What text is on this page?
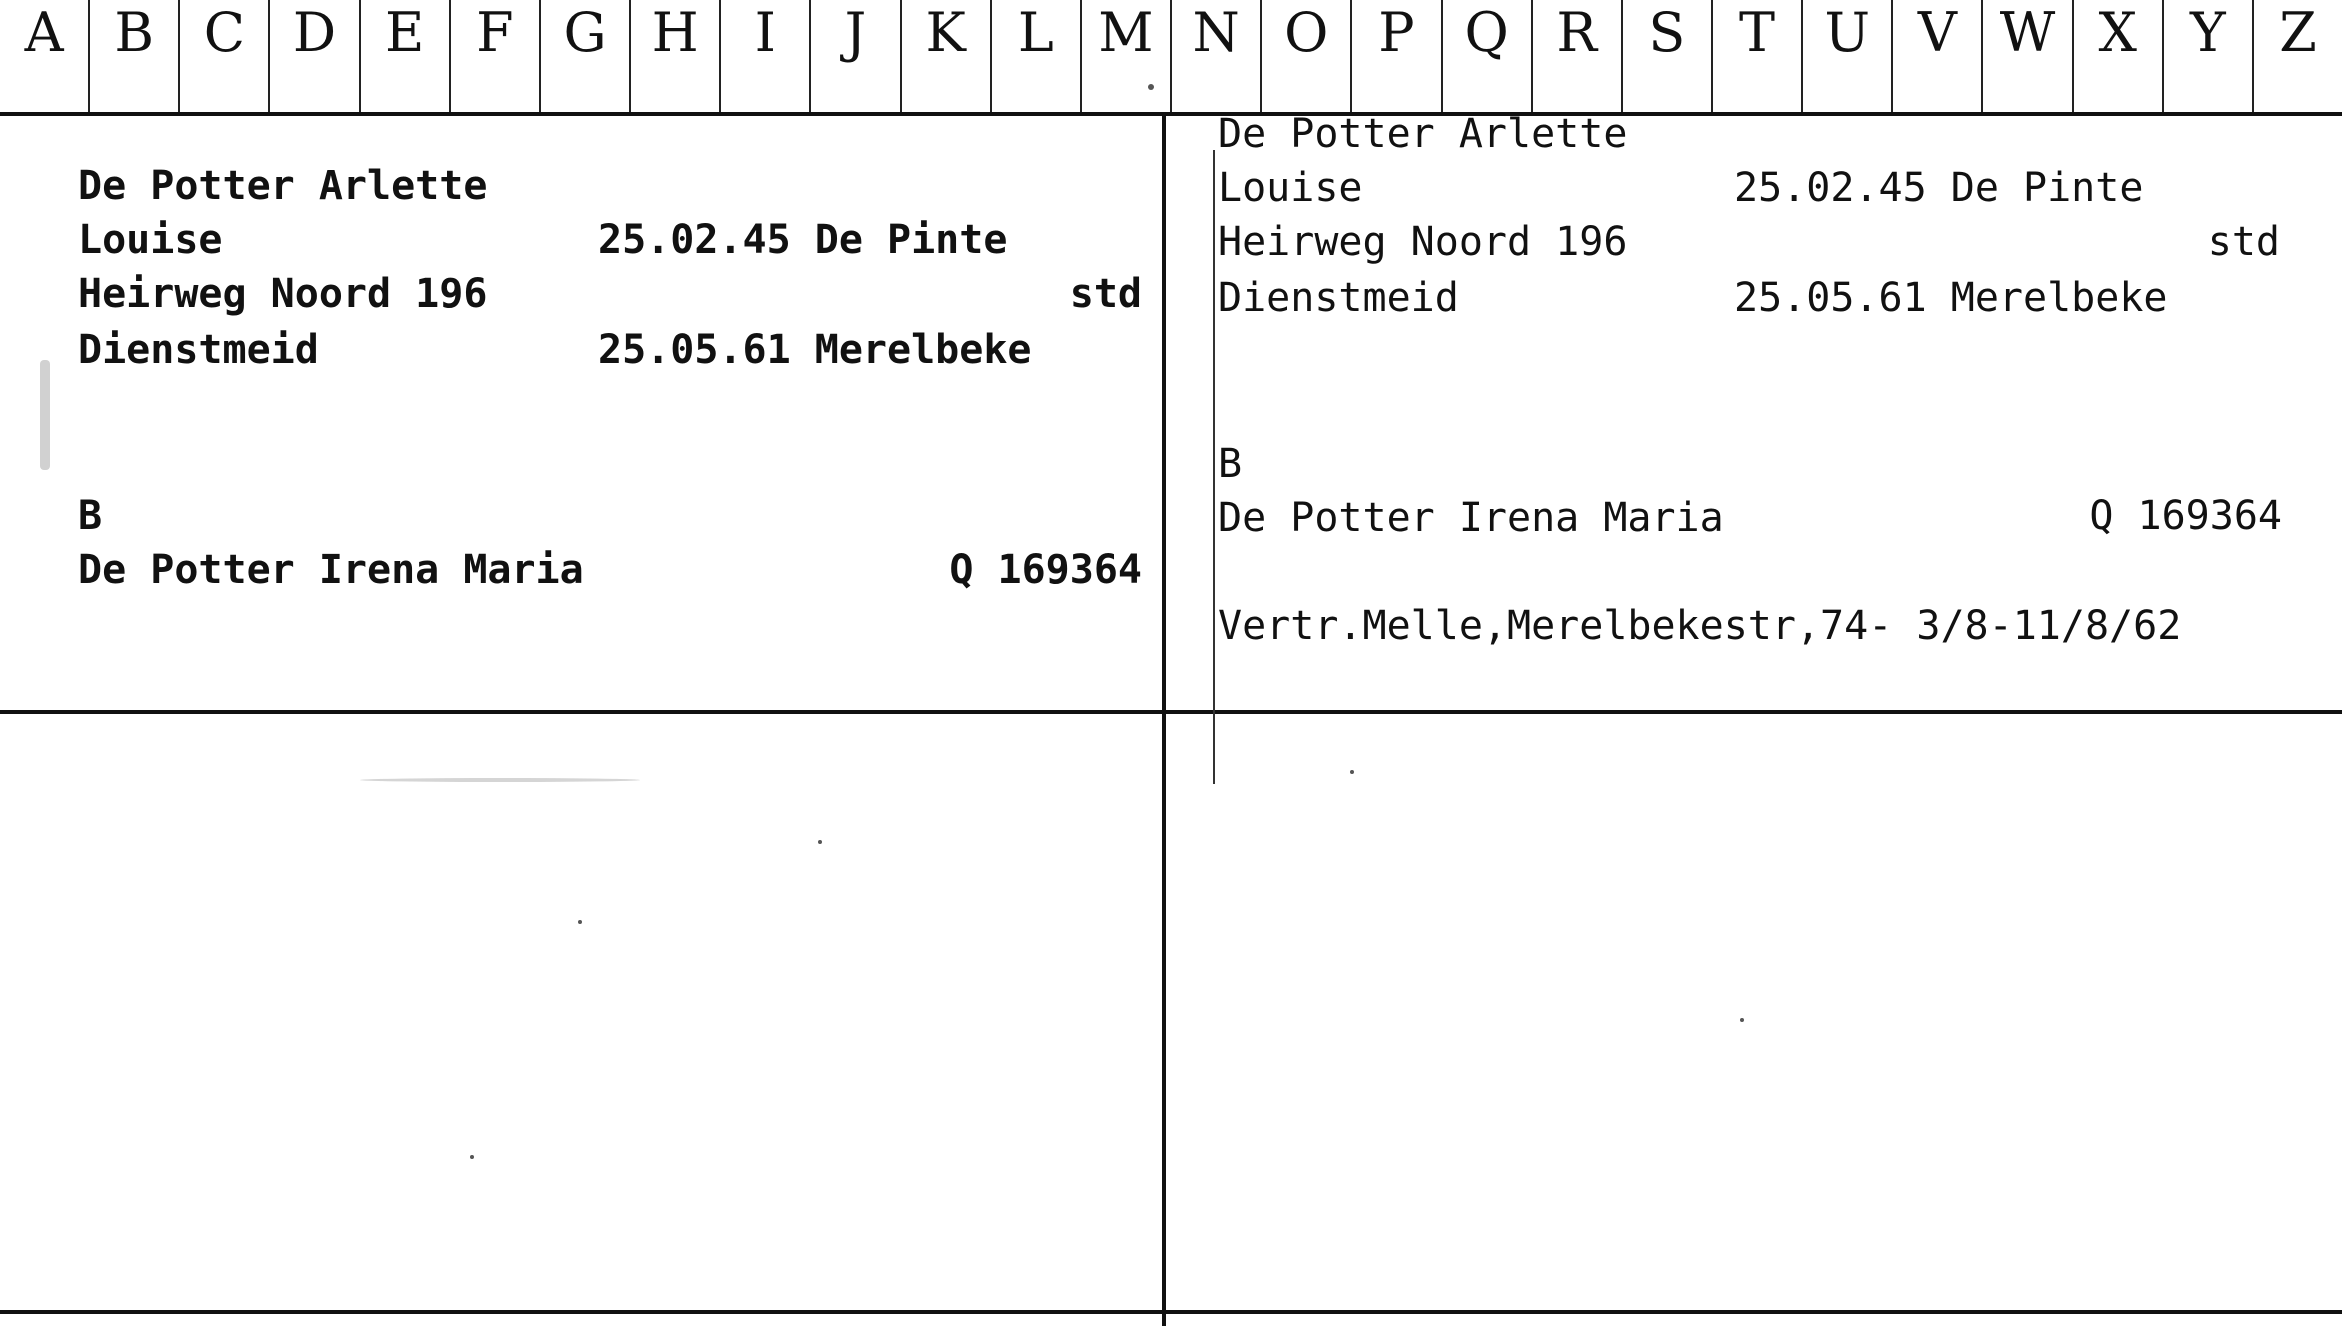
A B C D E F G H	I	J	K L M N O P Q R S T U V W X Y Z
De Potter Arlette
Louise	25.02.45 De Pinte
Heirweg Noord 196	std
Dienstmeid	25.05.61 Merelbeke
B
De Potter Irena Maria	Q 169364
De Potter Arlette
Louise	25.02.45 De Pinte
Heirweg Noord 196	std
Dienstmeid	25.05.61 Merelbeke
B
De Potter Irena Maria	Q 169364
Vertr.Melle,Merelbekestr,74- 3/8-11/8/62
